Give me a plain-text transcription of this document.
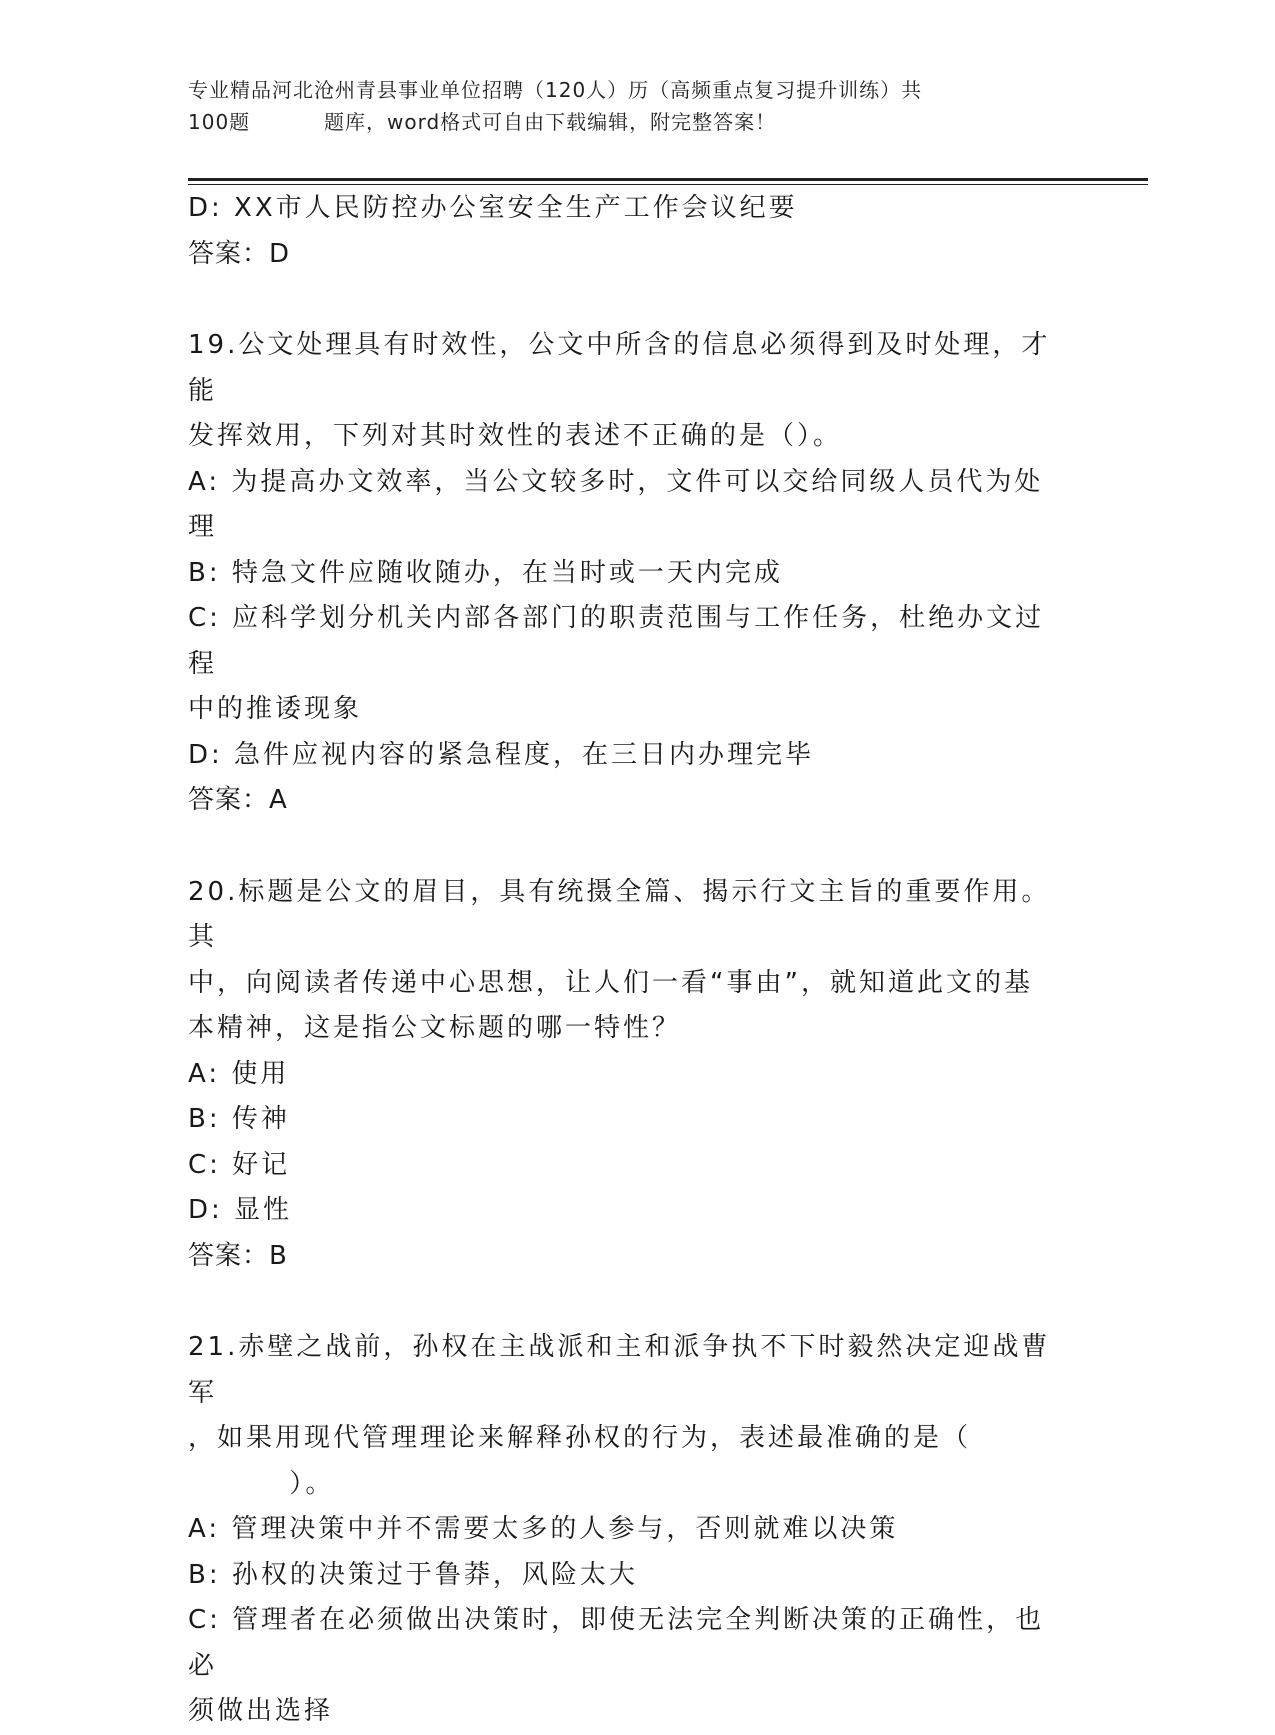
专业精品河北沧州青县事业单位招聘（120人）历（高频重点复习提升训练）共
100题	题库，word格式可自由下载编辑，附完整答案！

D: XX市人民防控办公室安全生产工作会议纪要

答案：D

19.公文处理具有时效性，公文中所含的信息必须得到及时处理，才能

发挥效用，下列对其时效性的表述不正确的是（）。

A: 为提高办文效率，当公文较多时，文件可以交给同级人员代为处理

B: 特急文件应随收随办，在当时或一天内完成

C: 应科学划分机关内部各部门的职责范围与工作任务，杜绝办文过程

中的推诿现象

D: 急件应视内容的紧急程度，在三日内办理完毕

答案：A

20.标题是公文的眉目，具有统摄全篇、揭示行文主旨的重要作用。其

中，向阅读者传递中心思想，让人们一看“事由”，就知道此文的基

本精神，这是指公文标题的哪一特性？

A: 使用

B: 传神

C: 好记

D: 显性

答案：B

21.赤壁之战前，孙权在主战派和主和派争执不下时毅然决定迎战曹军

，如果用现代管理理论来解释孙权的行为，表述最准确的是（

）。

A: 管理决策中并不需要太多的人参与，否则就难以决策

B: 孙权的决策过于鲁莽，风险太大

C: 管理者在必须做出决策时，即使无法完全判断决策的正确性，也必

须做出选择
